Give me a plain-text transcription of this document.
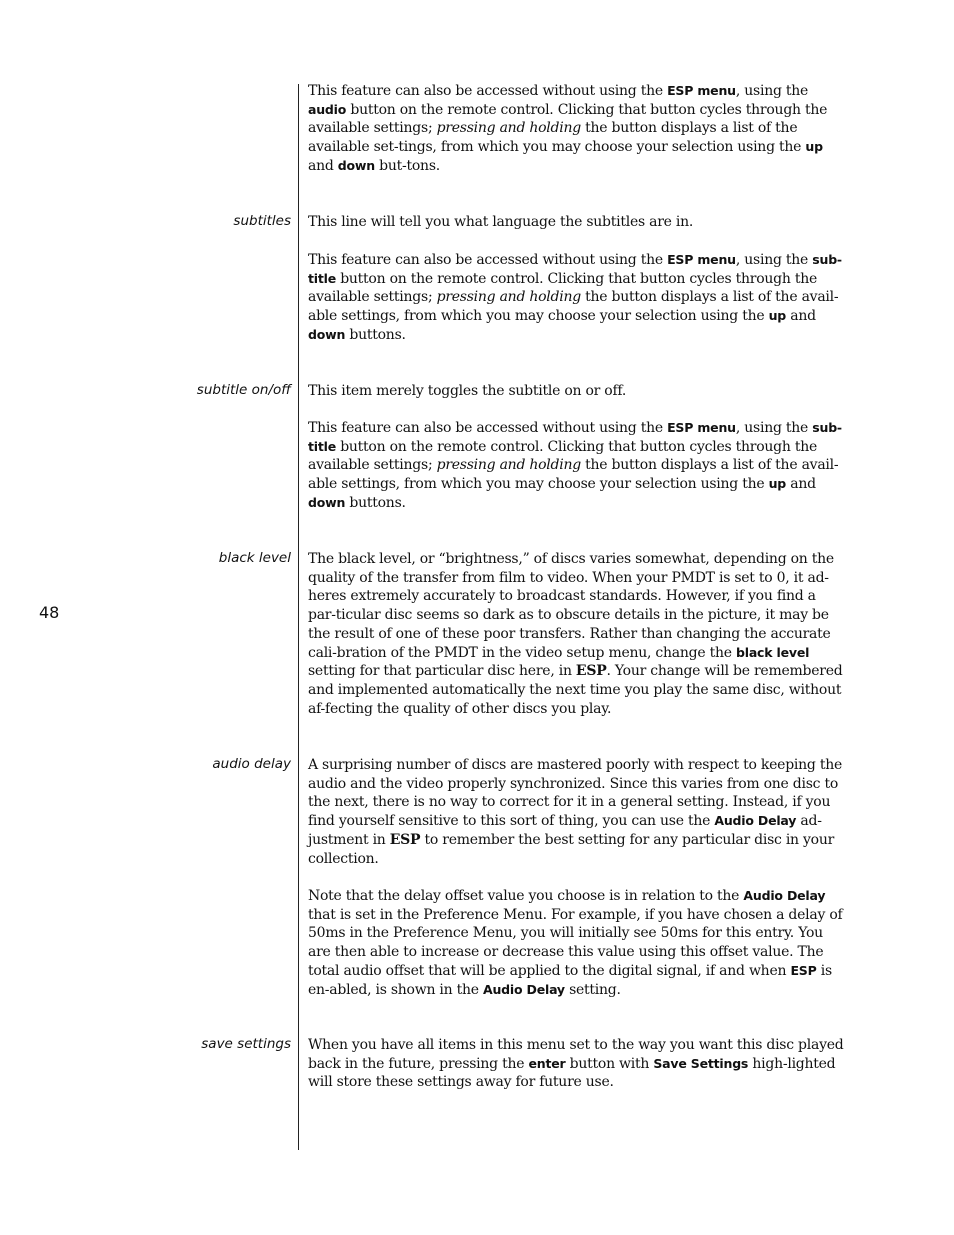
48
subtitles
subtitle on/off
black level
audio delay
save settings

This feature can also be accessed without using the ESP menu, using the audio button on the remote control. Clicking that button cycles through the available settings; pressing and holding the button displays a list of the available set-tings, from which you may choose your selection using the up and down but-tons.

This line will tell you what language the subtitles are in.

This feature can also be accessed without using the ESP menu, using the sub-title button on the remote control. Clicking that button cycles through the available settings; pressing and holding the button displays a list of the avail-able settings, from which you may choose your selection using the up and down buttons.

This item merely toggles the subtitle on or off.

This feature can also be accessed without using the ESP menu, using the sub-title button on the remote control. Clicking that button cycles through the available settings; pressing and holding the button displays a list of the avail-able settings, from which you may choose your selection using the up and down buttons.

The black level, or “brightness,” of discs varies somewhat, depending on the quality of the transfer from film to video. When your PMDT is set to 0, it ad-heres extremely accurately to broadcast standards. However, if you find a par-ticular disc seems so dark as to obscure details in the picture, it may be the result of one of these poor transfers. Rather than changing the accurate cali-bration of the PMDT in the video setup menu, change the black level setting for that particular disc here, in ESP. Your change will be remembered and implemented automatically the next time you play the same disc, without af-fecting the quality of other discs you play.

A surprising number of discs are mastered poorly with respect to keeping the audio and the video properly synchronized. Since this varies from one disc to the next, there is no way to correct for it in a general setting. Instead, if you find yourself sensitive to this sort of thing, you can use the Audio Delay ad-justment in ESP to remember the best setting for any particular disc in your collection.

Note that the delay offset value you choose is in relation to the Audio Delay that is set in the Preference Menu. For example, if you have chosen a delay of 50ms in the Preference Menu, you will initially see 50ms for this entry. You are then able to increase or decrease this value using this offset value. The total audio offset that will be applied to the digital signal, if and when ESP is en-abled, is shown in the Audio Delay setting.

When you have all items in this menu set to the way you want this disc played back in the future, pressing the enter button with Save Settings high-lighted will store these settings away for future use.
